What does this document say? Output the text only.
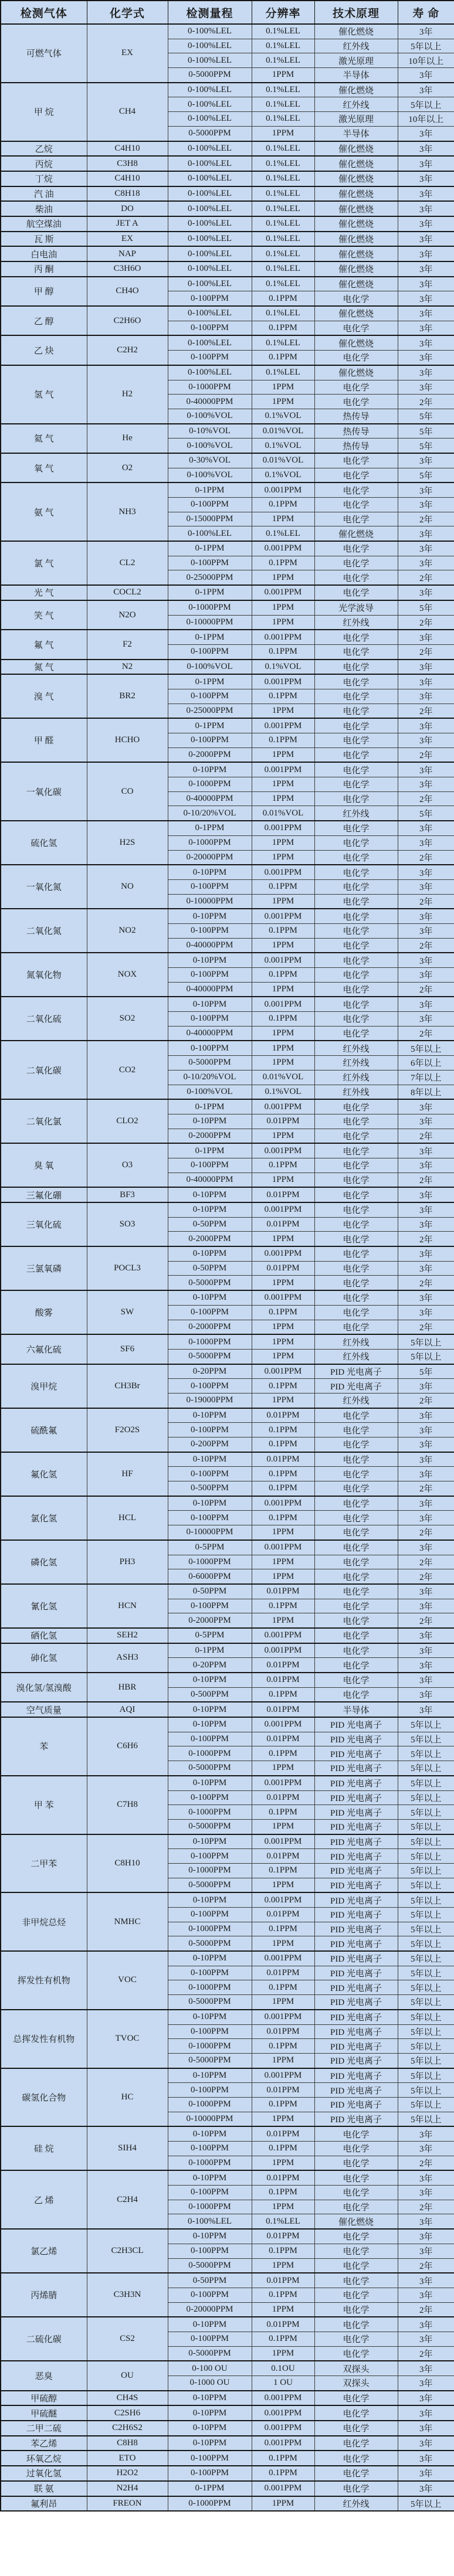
检测气体	化学式	检测量程	分辨率	技术原理	寿 命
可燃气体	EX	0-100%LEL	0.1%LEL	催化燃烧	3年
		0-100%LEL	0.1%LEL	红外线	5年以上
		0-100%LEL	0.1%LEL	激光原理	10年以上
		0-5000PPM	1PPM	半导体	3年
甲 烷	CH4	0-100%LEL	0.1%LEL	催化燃烧	3年
		0-100%LEL	0.1%LEL	红外线	5年以上
		0-100%LEL	0.1%LEL	激光原理	10年以上
		0-5000PPM	1PPM	半导体	3年
乙烷	C4H10	0-100%LEL	0.1%LEL	催化燃烧	3年
丙烷	C3H8	0-100%LEL	0.1%LEL	催化燃烧	3年
丁烷	C4H10	0-100%LEL	0.1%LEL	催化燃烧	3年
汽 油	C8H18	0-100%LEL	0.1%LEL	催化燃烧	3年
柴油	DO	0-100%LEL	0.1%LEL	催化燃烧	3年
航空煤油	JET A	0-100%LEL	0.1%LEL	催化燃烧	3年
瓦 斯	EX	0-100%LEL	0.1%LEL	催化燃烧	3年
白电油	NAP	0-100%LEL	0.1%LEL	催化燃烧	3年
丙 酮	C3H6O	0-100%LEL	0.1%LEL	催化燃烧	3年
甲 醇	CH4O	0-100%LEL	0.1%LEL	催化燃烧	3年
		0-100PPM	0.1PPM	电化学	3年
乙 醇	C2H6O	0-100%LEL	0.1%LEL	催化燃烧	3年
		0-100PPM	0.1PPM	电化学	3年
乙 炔	C2H2	0-100%LEL	0.1%LEL	催化燃烧	3年
		0-100PPM	0.1PPM	电化学	3年
氢 气	H2	0-100%LEL	0.1%LEL	催化燃烧	3年
		0-1000PPM	1PPM	电化学	3年
		0-40000PPM	1PPM	电化学	2年
		0-100%VOL	0.1%VOL	热传导	5年
氦 气	He	0-10%VOL	0.01%VOL	热传导	5年
		0-100%VOL	0.1%VOL	热传导	5年
氧 气	O2	0-30%VOL	0.01%VOL	电化学	3年
		0-100%VOL	0.1%VOL	电化学	5年
氨 气	NH3	0-1PPM	0.001PPM	电化学	3年
		0-100PPM	0.1PPM	电化学	3年
		0-15000PPM	1PPM	电化学	2年
		0-100%LEL	0.1%LEL	催化燃烧	3年
氯 气	CL2	0-1PPM	0.001PPM	电化学	3年
		0-100PPM	0.1PPM	电化学	3年
		0-25000PPM	1PPM	电化学	2年
光 气	COCL2	0-1PPM	0.001PPM	电化学	3年
笑 气	N2O	0-1000PPM	1PPM	光学波导	5年
		0-10000PPM	1PPM	红外线	2年
氟 气	F2	0-1PPM	0.001PPM	电化学	3年
		0-100PPM	0.1PPM	电化学	2年
氮 气	N2	0-100%VOL	0.1%VOL	电化学	3年
溴 气	BR2	0-1PPM	0.001PPM	电化学	3年
		0-100PPM	0.1PPM	电化学	3年
		0-25000PPM	1PPM	电化学	2年
甲 醛	HCHO	0-1PPM	0.001PPM	电化学	3年
		0-100PPM	0.1PPM	电化学	3年
		0-2000PPM	1PPM	电化学	2年
一氧化碳	CO	0-10PPM	0.001PPM	电化学	3年
		0-1000PPM	1PPM	电化学	3年
		0-40000PPM	1PPM	电化学	2年
		0-10/20%VOL	0.01%VOL	红外线	5年
硫化氢	H2S	0-1PPM	0.001PPM	电化学	3年
		0-1000PPM	1PPM	电化学	3年
		0-20000PPM	1PPM	电化学	2年
一氧化氮	NO	0-10PPM	0.001PPM	电化学	3年
		0-100PPM	0.1PPM	电化学	3年
		0-10000PPM	1PPM	电化学	2年
二氧化氮	NO2	0-10PPM	0.001PPM	电化学	3年
		0-100PPM	0.1PPM	电化学	3年
		0-40000PPM	1PPM	电化学	2年
氮氧化物	NOX	0-10PPM	0.001PPM	电化学	3年
		0-100PPM	0.1PPM	电化学	3年
		0-40000PPM	1PPM	电化学	2年
二氧化硫	SO2	0-10PPM	0.001PPM	电化学	3年
		0-100PPM	0.1PPM	电化学	3年
		0-40000PPM	1PPM	电化学	2年
二氧化碳	CO2	0-100PPM	1PPM	红外线	5年以上
		0-5000PPM	1PPM	红外线	6年以上
		0-10/20%VOL	0.01%VOL	红外线	7年以上
		0-100%VOL	0.1%VOL	红外线	8年以上
二氧化氯	CLO2	0-1PPM	0.001PPM	电化学	3年
		0-10PPM	0.01PPM	电化学	3年
		0-2000PPM	1PPM	电化学	2年
臭 氧	O3	0-1PPM	0.001PPM	电化学	3年
		0-100PPM	0.1PPM	电化学	3年
		0-40000PPM	1PPM	电化学	2年
三氟化硼	BF3	0-10PPM	0.01PPM	电化学	3年
三氧化硫	SO3	0-10PPM	0.001PPM	电化学	3年
		0-50PPM	0.01PPM	电化学	3年
		0-2000PPM	1PPM	电化学	2年
三氯氧磷	POCL3	0-10PPM	0.001PPM	电化学	3年
		0-50PPM	0.01PPM	电化学	3年
		0-5000PPM	1PPM	电化学	2年
酸雾	SW	0-10PPM	0.001PPM	电化学	3年
		0-100PPM	0.1PPM	电化学	3年
		0-2000PPM	1PPM	电化学	2年
六氟化硫	SF6	0-1000PPM	1PPM	红外线	5年以上
		0-5000PPM	1PPM	红外线	5年以上
溴甲烷	CH3Br	0-20PPM	0.001PPM	PID 光电离子	5年
		0-100PPM	0.1PPM	PID 光电离子	3年
		0-19000PPM	1PPM	红外线	2年
硫酰氟	F2O2S	0-10PPM	0.01PPM	电化学	3年
		0-100PPM	0.1PPM	电化学	3年
		0-200PPM	0.1PPM	电化学	3年
氟化氢	HF	0-10PPM	0.01PPM	电化学	3年
		0-100PPM	0.1PPM	电化学	3年
		0-500PPM	0.1PPM	电化学	2年
氯化氢	HCL	0-10PPM	0.001PPM	电化学	3年
		0-100PPM	0.1PPM	电化学	3年
		0-10000PPM	1PPM	电化学	2年
磷化氢	PH3	0-5PPM	0.001PPM	电化学	3年
		0-1000PPM	1PPM	电化学	2年
		0-6000PPM	1PPM	电化学	2年
氰化氢	HCN	0-50PPM	0.01PPM	电化学	3年
		0-100PPM	0.1PPM	电化学	3年
		0-2000PPM	1PPM	电化学	2年
硒化氢	SEH2	0-5PPM	0.001PPM	电化学	3年
砷化氢	ASH3	0-1PPM	0.001PPM	电化学	3年
		0-20PPM	0.01PPM	电化学	3年
溴化氢/氢溴酸	HBR	0-10PPM	0.01PPM	电化学	3年
		0-500PPM	0.1PPM	电化学	3年
空气质量	AQI	0-10PPM	0.01PPM	半导体	3年
苯	C6H6	0-10PPM	0.001PPM	PID 光电离子	5年以上
		0-100PPM	0.01PPM	PID 光电离子	5年以上
		0-1000PPM	0.1PPM	PID 光电离子	5年以上
		0-5000PPM	1PPM	PID 光电离子	5年以上
甲 苯	C7H8	0-10PPM	0.001PPM	PID 光电离子	5年以上
		0-100PPM	0.01PPM	PID 光电离子	5年以上
		0-1000PPM	0.1PPM	PID 光电离子	5年以上
		0-5000PPM	1PPM	PID 光电离子	5年以上
二甲苯	C8H10	0-10PPM	0.001PPM	PID 光电离子	5年以上
		0-100PPM	0.01PPM	PID 光电离子	5年以上
		0-1000PPM	0.1PPM	PID 光电离子	5年以上
		0-5000PPM	1PPM	PID 光电离子	5年以上
非甲烷总烃	NMHC	0-10PPM	0.001PPM	PID 光电离子	5年以上
		0-100PPM	0.01PPM	PID 光电离子	5年以上
		0-1000PPM	0.1PPM	PID 光电离子	5年以上
		0-5000PPM	1PPM	PID 光电离子	5年以上
挥发性有机物	VOC	0-10PPM	0.001PPM	PID 光电离子	5年以上
		0-100PPM	0.01PPM	PID 光电离子	5年以上
		0-1000PPM	0.1PPM	PID 光电离子	5年以上
		0-5000PPM	1PPM	PID 光电离子	5年以上
总挥发性有机物	TVOC	0-10PPM	0.001PPM	PID 光电离子	5年以上
		0-100PPM	0.01PPM	PID 光电离子	5年以上
		0-1000PPM	0.1PPM	PID 光电离子	5年以上
		0-5000PPM	1PPM	PID 光电离子	5年以上
碳氢化合物	HC	0-10PPM	0.001PPM	PID 光电离子	5年以上
		0-100PPM	0.01PPM	PID 光电离子	5年以上
		0-1000PPM	0.1PPM	PID 光电离子	5年以上
		0-10000PPM	1PPM	PID 光电离子	5年以上
硅 烷	SIH4	0-10PPM	0.01PPM	电化学	3年
		0-100PPM	0.1PPM	电化学	3年
		0-1000PPM	1PPM	电化学	2年
乙 烯	C2H4	0-10PPM	0.01PPM	电化学	3年
		0-100PPM	0.1PPM	电化学	3年
		0-1000PPM	1PPM	电化学	2年
		0-100%LEL	0.1%LEL	催化燃烧	3年
氯乙烯	C2H3CL	0-10PPM	0.01PPM	电化学	3年
		0-100PPM	0.1PPM	电化学	3年
		0-5000PPM	1PPM	电化学	2年
丙烯腈	C3H3N	0-50PPM	0.01PPM	电化学	3年
		0-100PPM	0.1PPM	电化学	3年
		0-20000PPM	1PPM	电化学	2年
二硫化碳	CS2	0-10PPM	0.01PPM	电化学	3年
		0-100PPM	0.1PPM	电化学	3年
		0-5000PPM	1PPM	电化学	2年
恶臭	OU	0-100 OU	0.1OU	双探头	3年
		0-1000 OU	1 OU	双探头	3年
甲硫醇	CH4S	0-10PPM	0.001PPM	电化学	3年
甲硫醚	C2SH6	0-10PPM	0.001PPM	电化学	3年
二甲二硫	C2H6S2	0-10PPM	0.001PPM	电化学	3年
苯乙烯	C8H8	0-10PPM	0.001PPM	电化学	3年
环氧乙烷	ETO	0-100PPM	0.1PPM	电化学	3年
过氧化氢	H2O2	0-100PPM	0.1PPM	电化学	3年
联 氨	N2H4	0-1PPM	0.001PPM	电化学	3年
氟利昂	FREON	0-1000PPM	1PPM	红外线	5年以上
